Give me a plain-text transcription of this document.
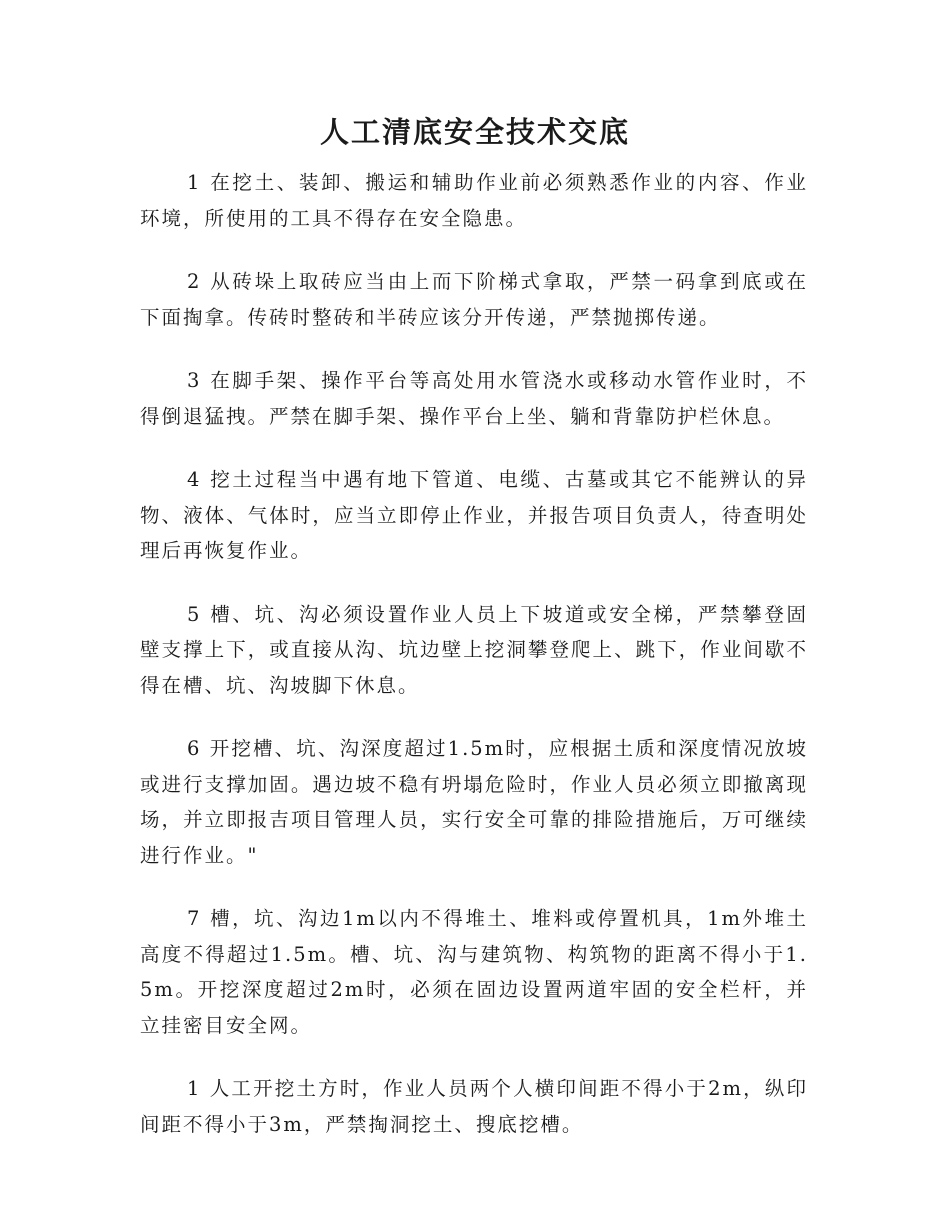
人工清底安全技术交底

1 在挖土、装卸、搬运和辅助作业前必须熟悉作业的内容、作业环境，所使用的工具不得存在安全隐患。

2 从砖垛上取砖应当由上而下阶梯式拿取，严禁一码拿到底或在下面掏拿。传砖时整砖和半砖应该分开传递，严禁抛掷传递。

3 在脚手架、操作平台等高处用水管浇水或移动水管作业时，不得倒退猛拽。严禁在脚手架、操作平台上坐、躺和背靠防护栏休息。

4 挖土过程当中遇有地下管道、电缆、古墓或其它不能辨认的异物、液体、气体时，应当立即停止作业，并报告项目负责人，待查明处理后再恢复作业。

5 槽、坑、沟必须设置作业人员上下坡道或安全梯，严禁攀登固壁支撑上下，或直接从沟、坑边壁上挖洞攀登爬上、跳下，作业间歇不得在槽、坑、沟坡脚下休息。

6 开挖槽、坑、沟深度超过1.5m时，应根据土质和深度情况放坡或进行支撑加固。遇边坡不稳有坍塌危险时，作业人员必须立即撤离现场，并立即报吉项目管理人员，实行安全可靠的排险措施后，万可继续进行作业。"

7 槽，坑、沟边1m以内不得堆土、堆料或停置机具，1m外堆土高度不得超过1.5m。槽、坑、沟与建筑物、构筑物的距离不得小于1.5m。开挖深度超过2m时，必须在固边设置两道牢固的安全栏杆，并立挂密目安全网。

1 人工开挖土方时，作业人员两个人横印间距不得小于2m，纵印间距不得小于3m，严禁掏洞挖土、搜底挖槽。
